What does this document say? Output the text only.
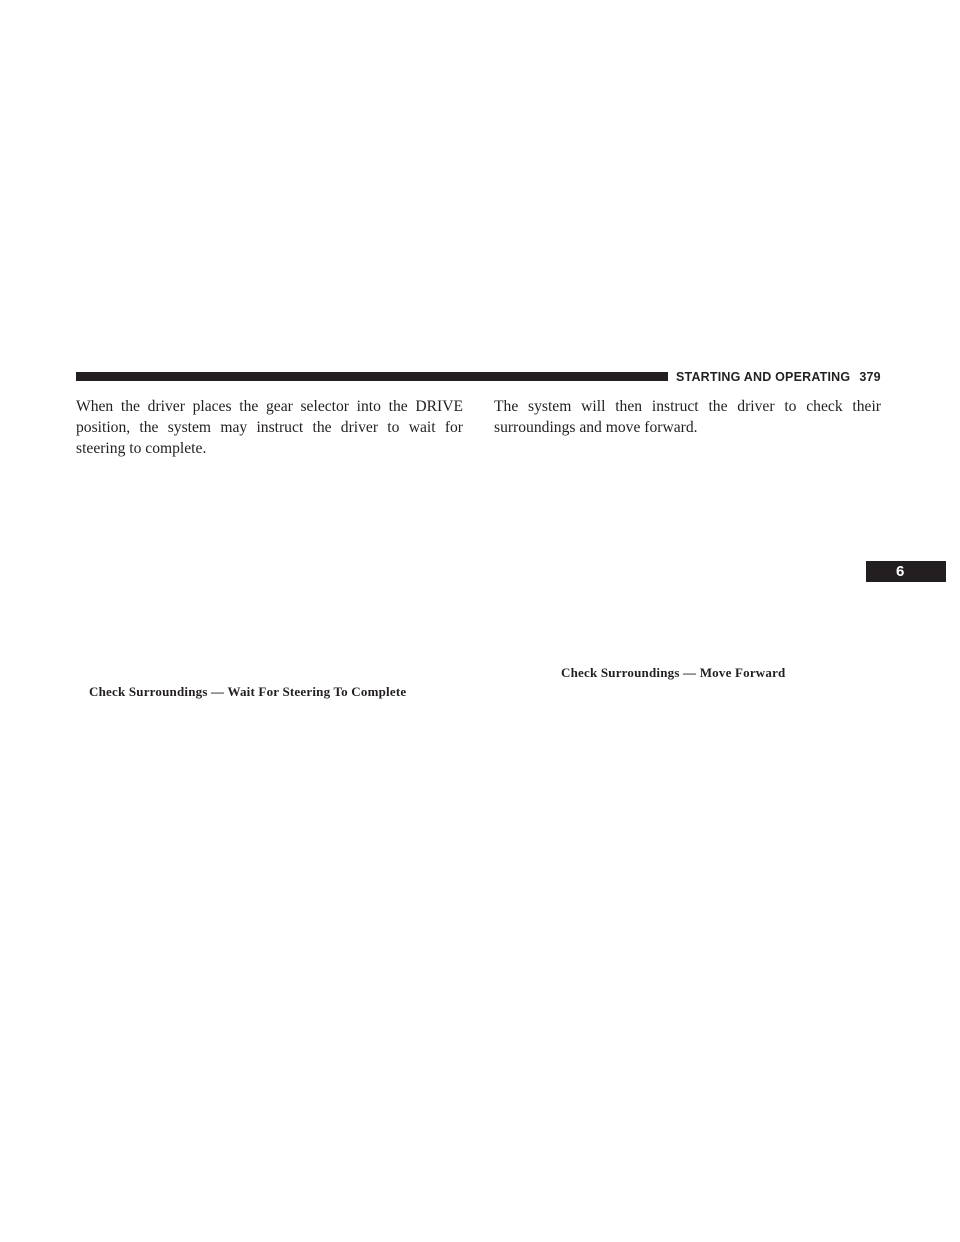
STARTING AND OPERATING 379

When the driver places the gear selector into the DRIVE position, the system may instruct the driver to wait for steering to complete.

Check Surroundings — Wait For Steering To Complete

The system will then instruct the driver to check their surroundings and move forward.

Check Surroundings — Move Forward
6
